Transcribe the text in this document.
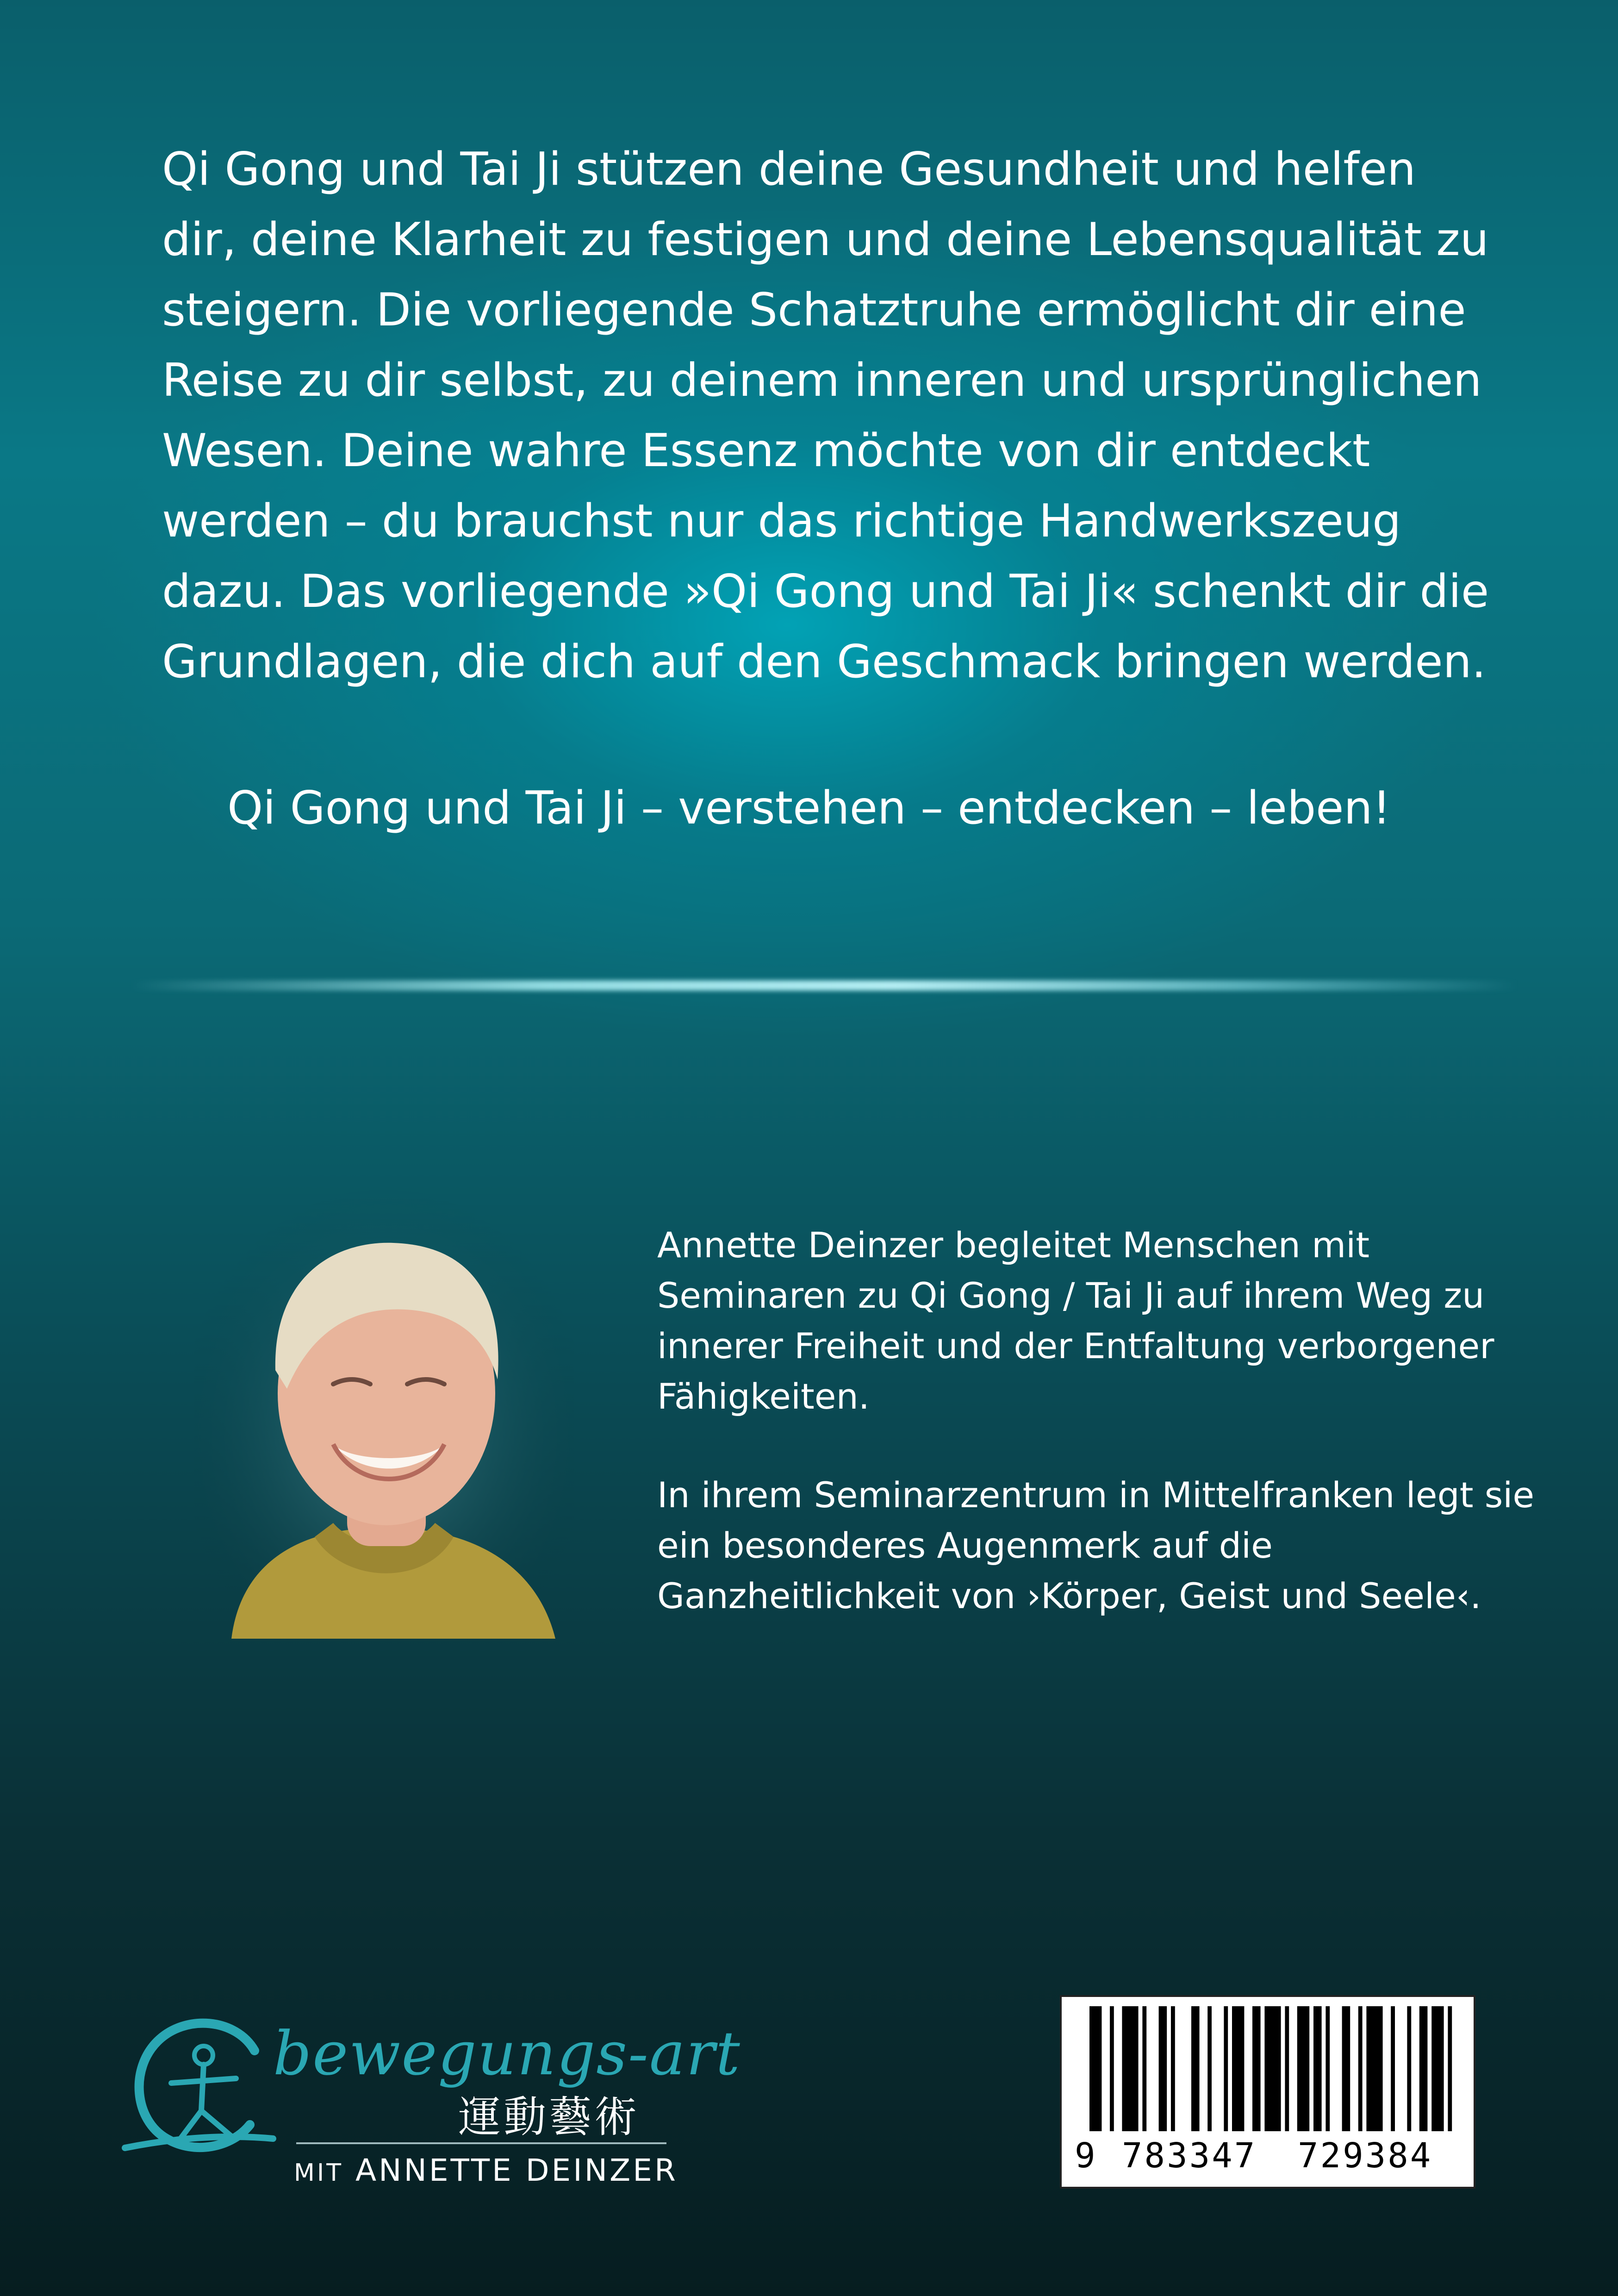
Qi Gong und Tai Ji stützen deine Gesundheit und helfen dir, deine Klarheit zu festigen und deine Lebensqualität zu steigern. Die vorliegende Schatztruhe ermöglicht dir eine Reise zu dir selbst, zu deinem inneren und ursprünglichen Wesen. Deine wahre Essenz möchte von dir entdeckt werden – du brauchst nur das richtige Handwerkszeug dazu. Das vorliegende »Qi Gong und Tai Ji« schenkt dir die Grundlagen, die dich auf den Geschmack bringen werden.

Qi Gong und Tai Ji – verstehen – entdecken – leben!

Annette Deinzer begleitet Menschen mit Seminaren zu Qi Gong / Tai Ji auf ihrem Weg zu innerer Freiheit und der Entfaltung verborgener Fähigkeiten.

In ihrem Seminarzentrum in Mittelfranken legt sie ein besonderes Augenmerk auf die Ganzheitlichkeit von ›Körper, Geist und Seele‹.

bewegungs-art
運動藝術
MIT ANNETTE DEINZER	9 783347 729384
